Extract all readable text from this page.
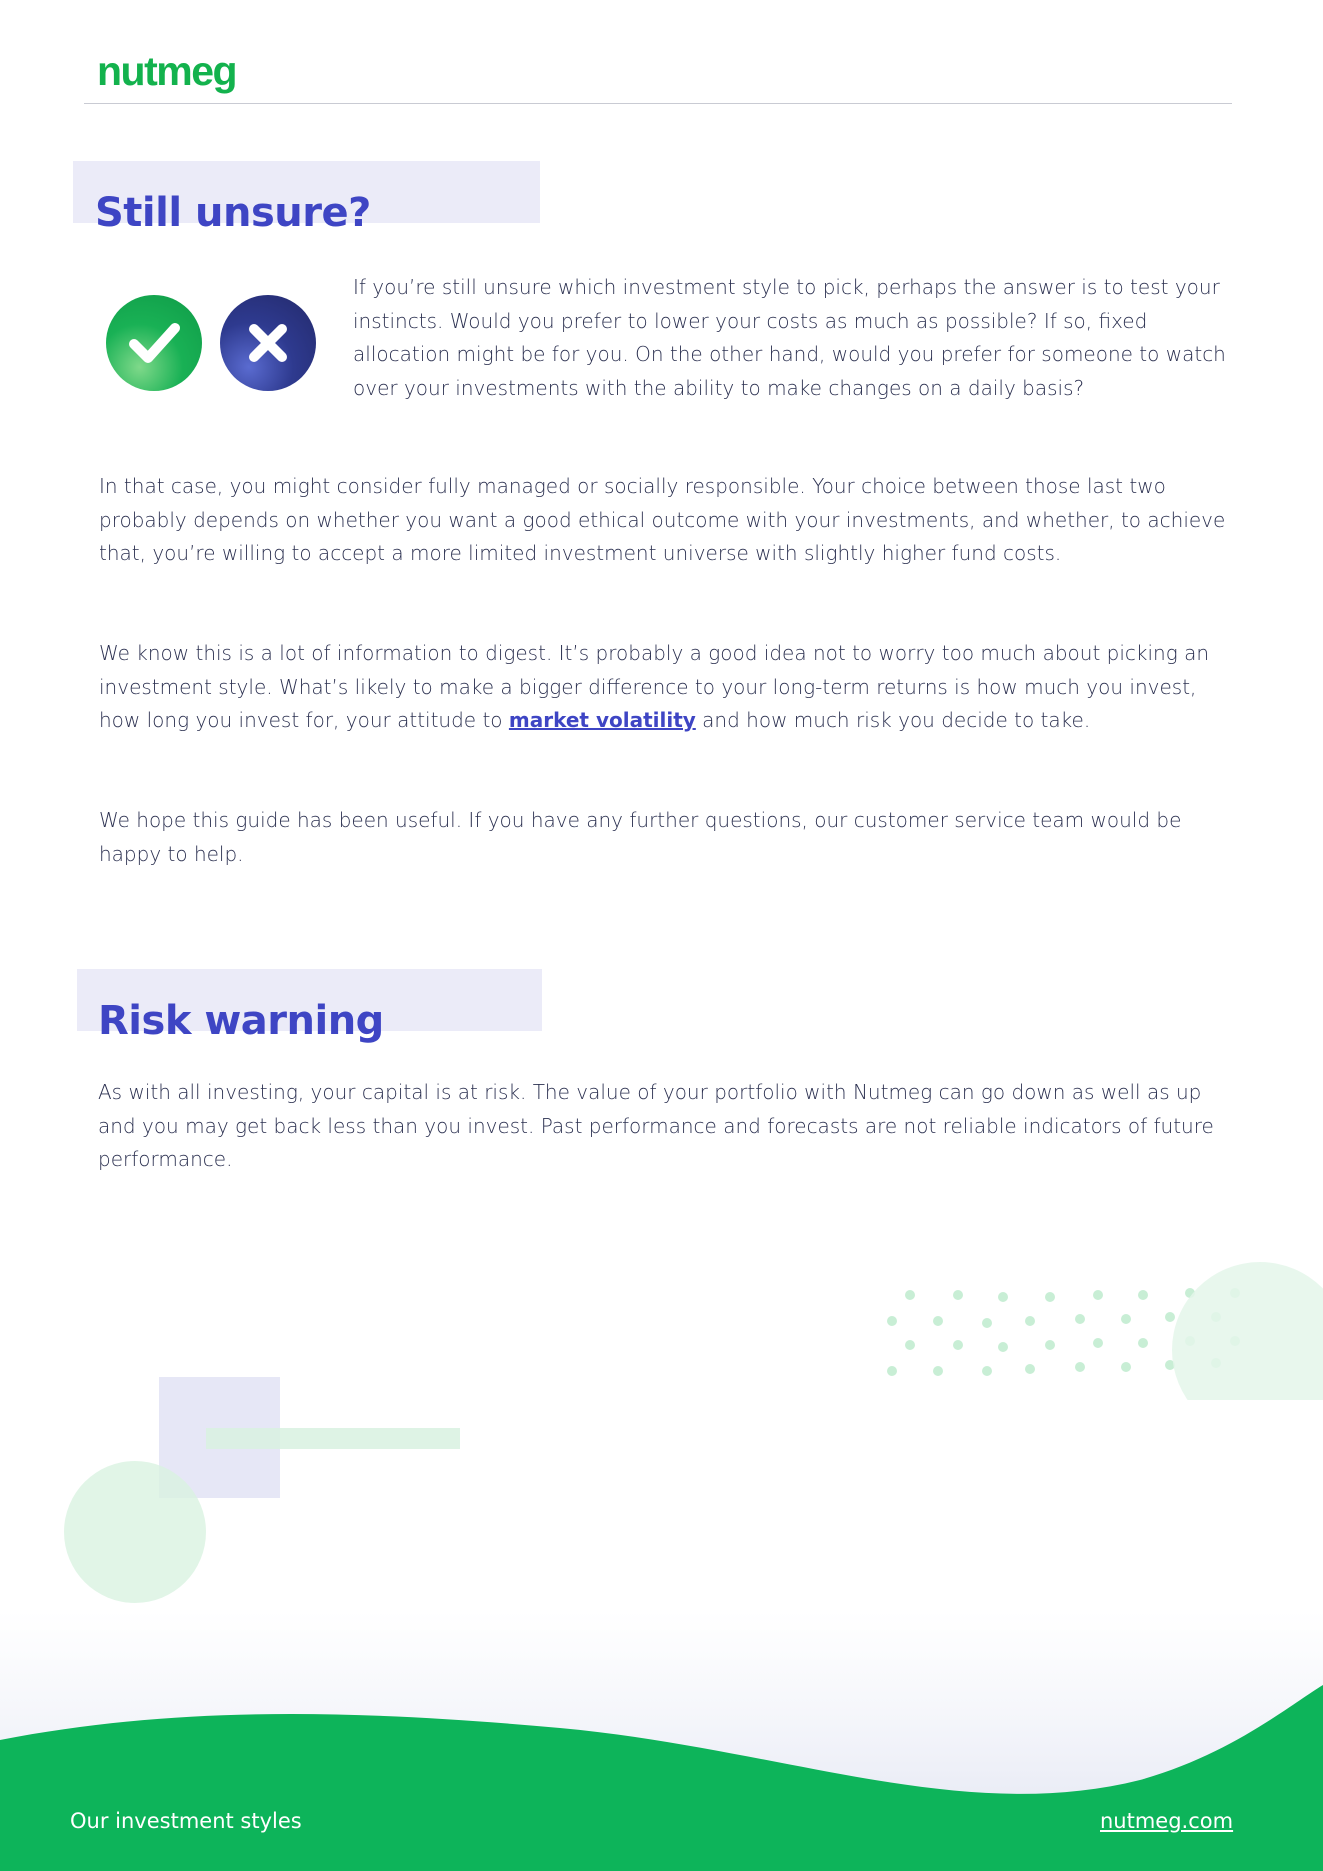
nutmeg
Still unsure?

If you’re still unsure which investment style to pick, perhaps the answer is to test your instincts. Would you prefer to lower your costs as much as possible? If so, fixed allocation might be for you. On the other hand, would you prefer for someone to watch over your investments with the ability to make changes on a daily basis?

In that case, you might consider fully managed or socially responsible. Your choice between those last two probably depends on whether you want a good ethical outcome with your investments, and whether, to achieve that, you’re willing to accept a more limited investment universe with slightly higher fund costs.

We know this is a lot of information to digest. It’s probably a good idea not to worry too much about picking an investment style. What’s likely to make a bigger difference to your long-term returns is how much you invest, how long you invest for, your attitude to market volatility and how much risk you decide to take.

We hope this guide has been useful. If you have any further questions, our customer service team would be happy to help.

Risk warning

As with all investing, your capital is at risk. The value of your portfolio with Nutmeg can go down as well as up and you may get back less than you invest. Past performance and forecasts are not reliable indicators of future performance.

Our investment styles	nutmeg.com
